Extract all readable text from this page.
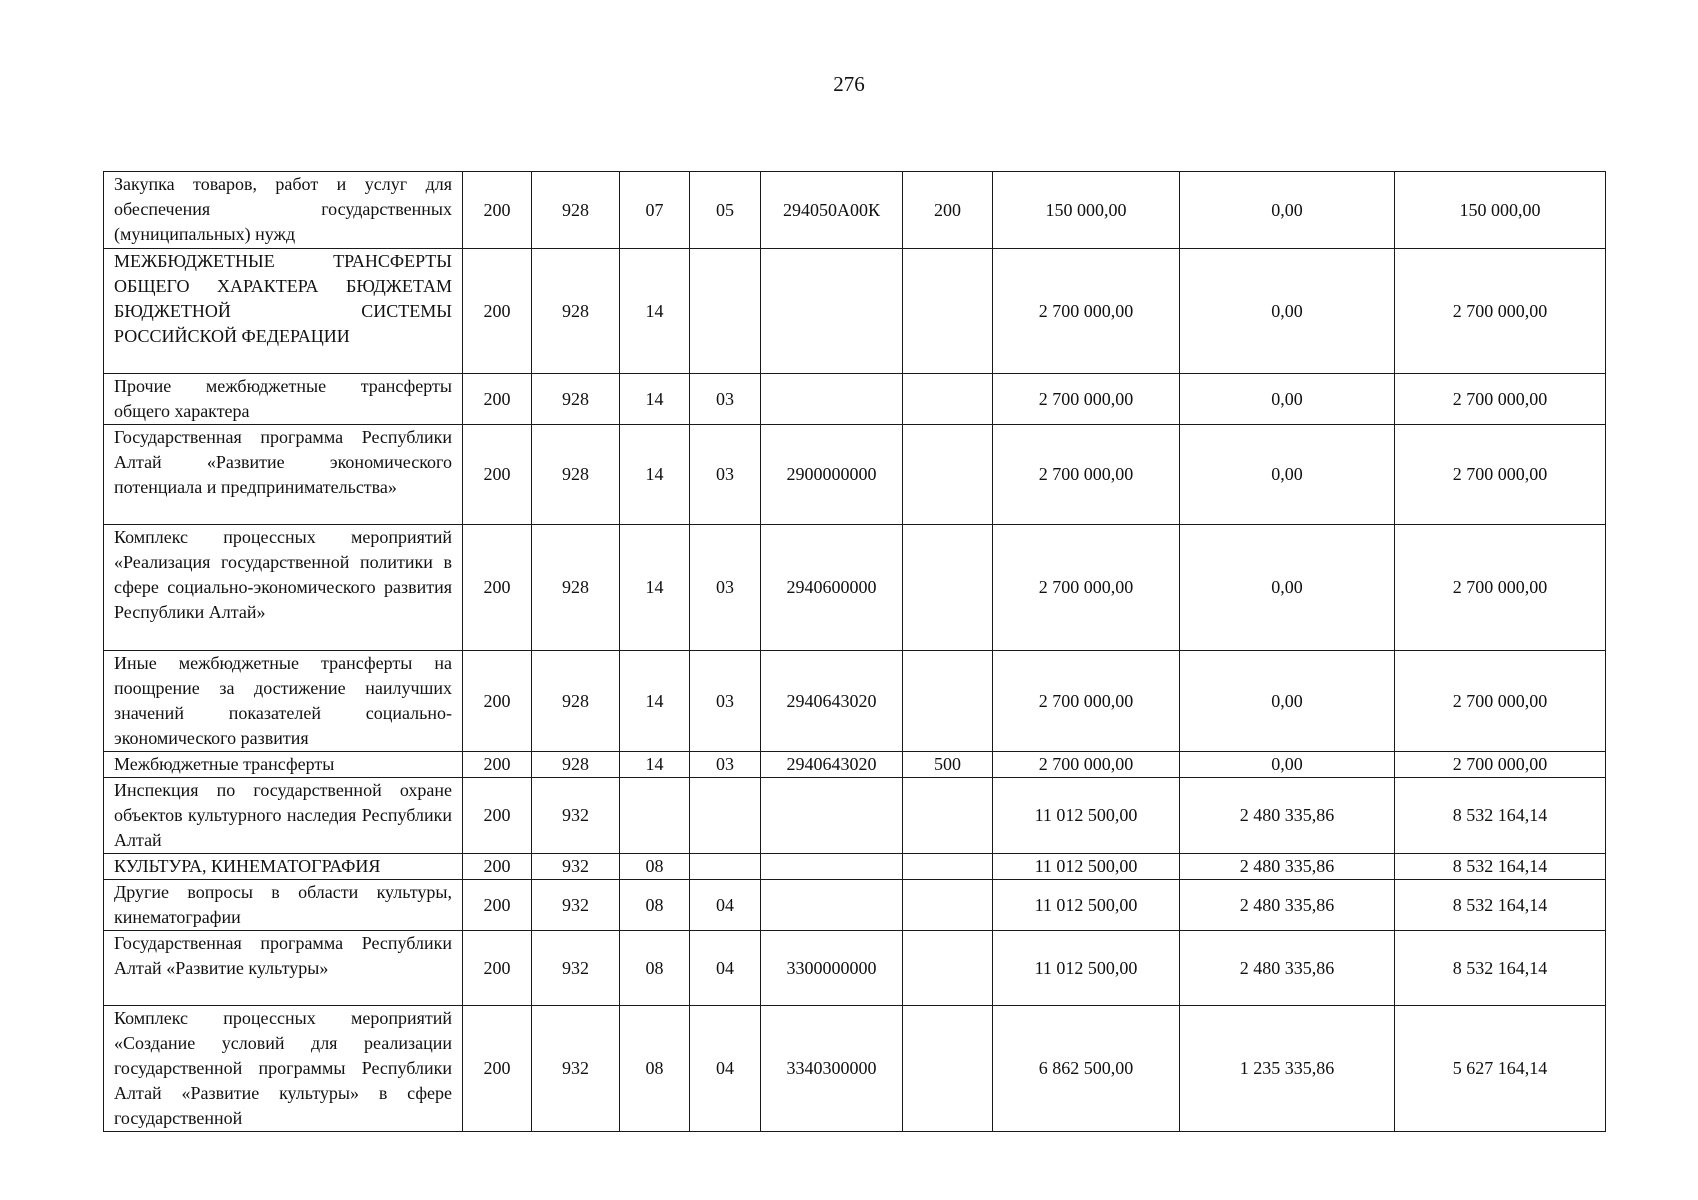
276
Закупка товаров, работ и услуг для обеспечения государственных (муниципальных) нужд	200	928	07	05	294050А00К	200	150 000,00	0,00	150 000,00
МЕЖБЮДЖЕТНЫЕ ТРАНСФЕРТЫ ОБЩЕГО ХАРАКТЕРА БЮДЖЕТАМ БЮДЖЕТНОЙ СИСТЕМЫ РОССИЙСКОЙ ФЕДЕРАЦИИ	200	928	14				2 700 000,00	0,00	2 700 000,00
Прочие межбюджетные трансферты общего характера	200	928	14	03			2 700 000,00	0,00	2 700 000,00
Государственная программа Республики Алтай «Развитие экономического потенциала и предпринимательства»	200	928	14	03	2900000000		2 700 000,00	0,00	2 700 000,00
Комплекс процессных мероприятий «Реализация государственной политики в сфере социально-экономического развития Республики Алтай»	200	928	14	03	2940600000		2 700 000,00	0,00	2 700 000,00
Иные межбюджетные трансферты на поощрение за достижение наилучших значений показателей социально-экономического развития	200	928	14	03	2940643020		2 700 000,00	0,00	2 700 000,00
Межбюджетные трансферты	200	928	14	03	2940643020	500	2 700 000,00	0,00	2 700 000,00
Инспекция по государственной охране объектов культурного наследия Республики Алтай	200	932					11 012 500,00	2 480 335,86	8 532 164,14
КУЛЬТУРА, КИНЕМАТОГРАФИЯ	200	932	08				11 012 500,00	2 480 335,86	8 532 164,14
Другие вопросы в области культуры, кинематографии	200	932	08	04			11 012 500,00	2 480 335,86	8 532 164,14
Государственная программа Республики Алтай «Развитие культуры»	200	932	08	04	3300000000		11 012 500,00	2 480 335,86	8 532 164,14
Комплекс процессных мероприятий «Создание условий для реализации государственной программы Республики Алтай «Развитие культуры» в сфере государственной	200	932	08	04	3340300000		6 862 500,00	1 235 335,86	5 627 164,14
